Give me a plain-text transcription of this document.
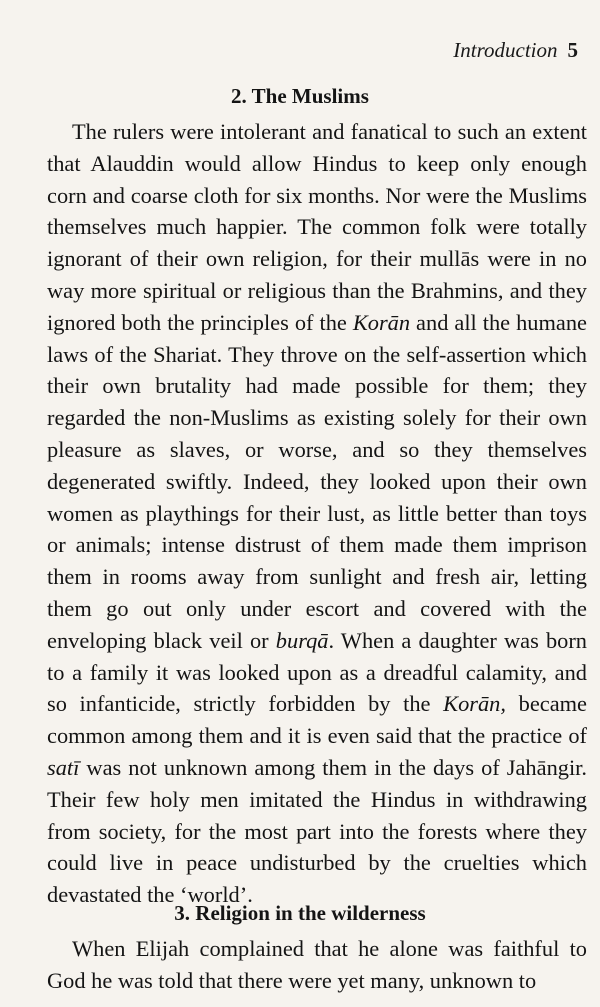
Introduction 5
2. The Muslims

The rulers were intolerant and fanatical to such an extent that Alauddin would allow Hindus to keep only enough corn and coarse cloth for six months. Nor were the Muslims themselves much happier. The common folk were totally ignorant of their own religion, for their mullās were in no way more spiritual or religious than the Brahmins, and they ignored both the principles of the Korān and all the humane laws of the Shariat. They throve on the self-assertion which their own brutality had made possible for them; they regarded the non-Muslims as existing solely for their own pleasure as slaves, or worse, and so they themselves degenerated swiftly. Indeed, they looked upon their own women as playthings for their lust, as little better than toys or animals; intense distrust of them made them imprison them in rooms away from sunlight and fresh air, letting them go out only under escort and covered with the enveloping black veil or burqā. When a daughter was born to a family it was looked upon as a dreadful calamity, and so infanticide, strictly forbidden by the Korān, became common among them and it is even said that the practice of satī was not unknown among them in the days of Jahāngir. Their few holy men imitated the Hindus in withdrawing from society, for the most part into the forests where they could live in peace undisturbed by the cruelties which devastated the ‘world’.

3. Religion in the wilderness

When Elijah complained that he alone was faithful to God he was told that there were yet many, unknown to
